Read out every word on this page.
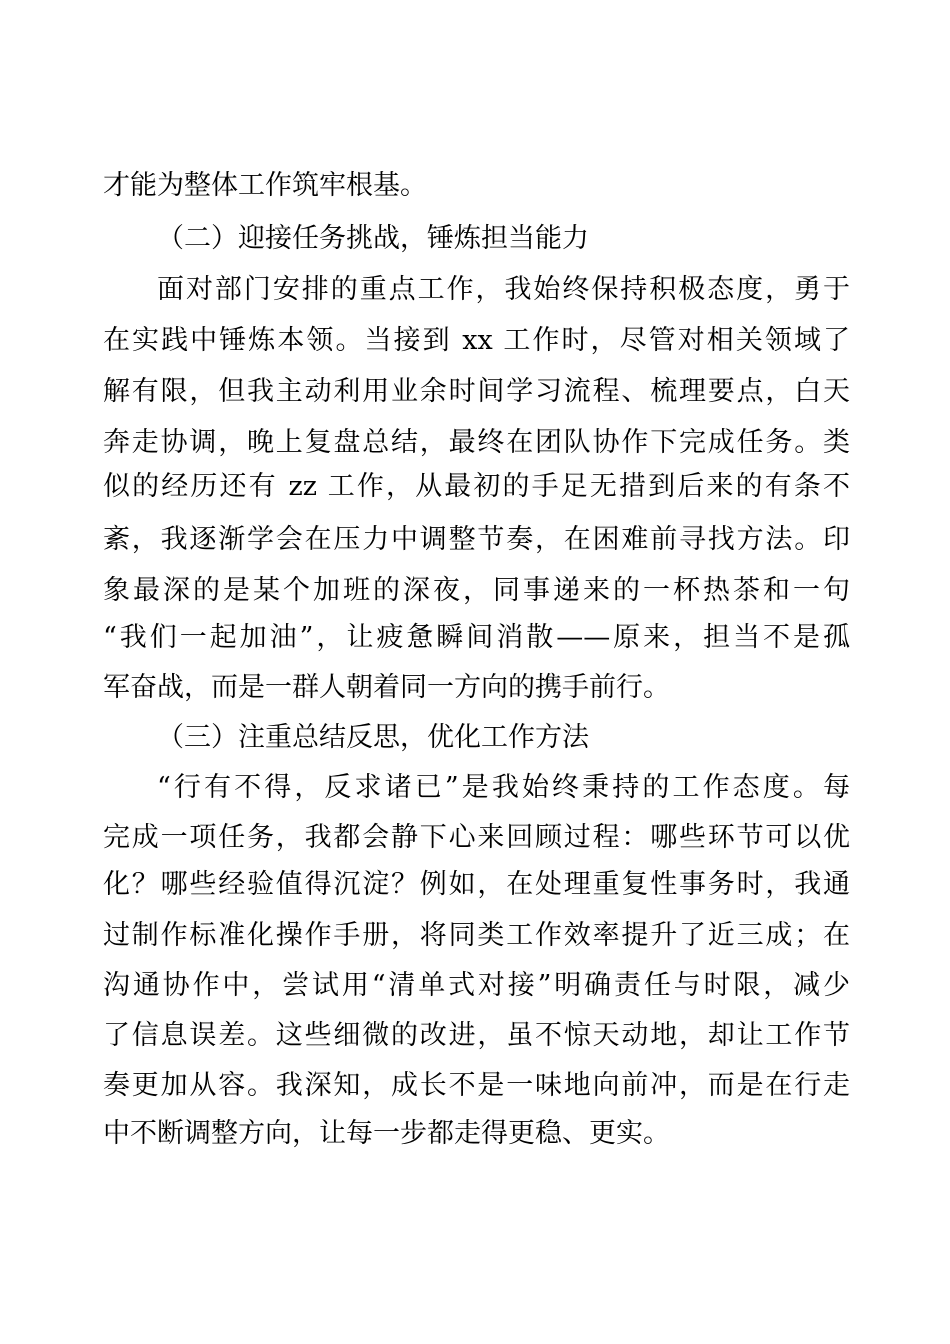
才能为整体工作筑牢根基。
（二）迎接任务挑战，锤炼担当能力
面对部门安排的重点工作，我始终保持积极态度，勇于
在实践中锤炼本领。当接到 xx 工作时，尽管对相关领域了
解有限，但我主动利用业余时间学习流程、梳理要点，白天
奔走协调，晚上复盘总结，最终在团队协作下完成任务。类
似的经历还有 zz 工作，从最初的手足无措到后来的有条不
紊，我逐渐学会在压力中调整节奏，在困难前寻找方法。印
象最深的是某个加班的深夜，同事递来的一杯热茶和一句
“我们一起加油”，让疲惫瞬间消散——原来，担当不是孤
军奋战，而是一群人朝着同一方向的携手前行。
（三）注重总结反思，优化工作方法
“行有不得，反求诸已”是我始终秉持的工作态度。每
完成一项任务，我都会静下心来回顾过程：哪些环节可以优
化？哪些经验值得沉淀？例如，在处理重复性事务时，我通
过制作标准化操作手册，将同类工作效率提升了近三成；在
沟通协作中，尝试用“清单式对接”明确责任与时限，减少
了信息误差。这些细微的改进，虽不惊天动地，却让工作节
奏更加从容。我深知，成长不是一味地向前冲，而是在行走
中不断调整方向，让每一步都走得更稳、更实。
